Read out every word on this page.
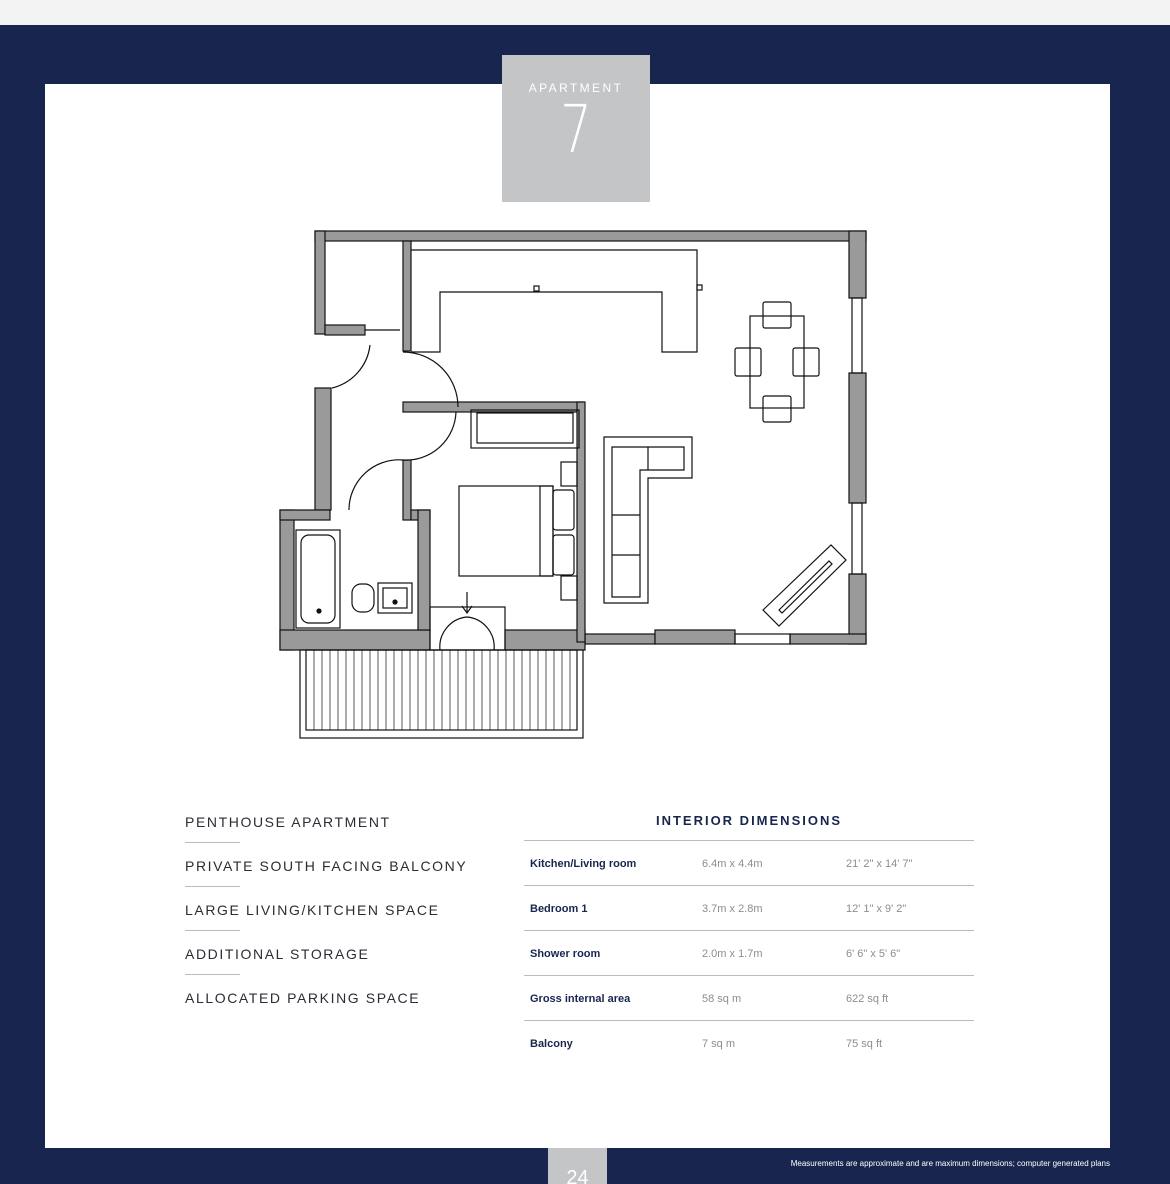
APARTMENT
7
PENTHOUSE APARTMENT
PRIVATE SOUTH FACING BALCONY
LARGE LIVING/KITCHEN SPACE
ADDITIONAL STORAGE
ALLOCATED PARKING SPACE
INTERIOR DIMENSIONS
Kitchen/Living room	6.4m x 4.4m	21' 2" x 14' 7"
Bedroom 1	3.7m x 2.8m	12' 1" x 9' 2"
Shower room	2.0m x 1.7m	6' 6" x 5' 6"
Gross internal area	58 sq m	622 sq ft
Balcony	7 sq m	75 sq ft
24
Measurements are approximate and are maximum dimensions; computer generated plans
